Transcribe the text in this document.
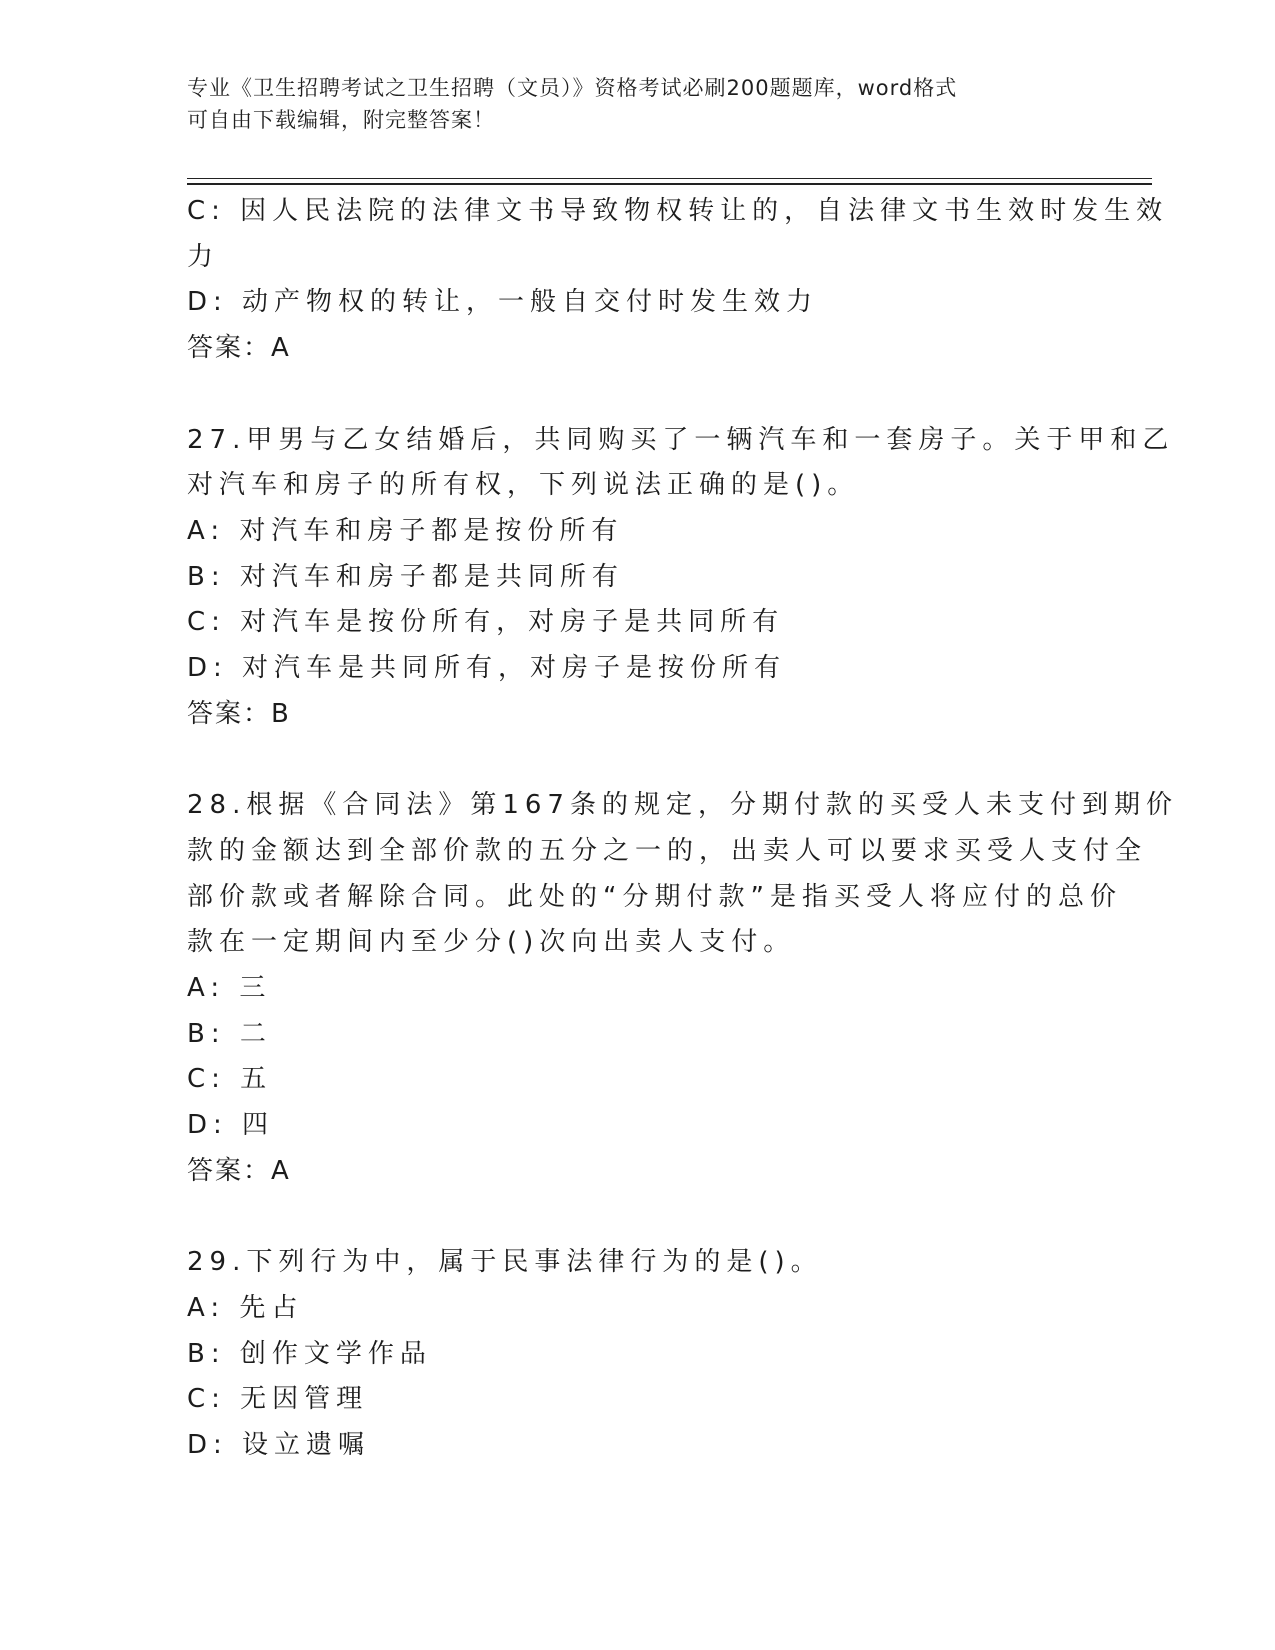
专业《卫生招聘考试之卫生招聘（文员）》资格考试必刷200题题库，word格式
可自由下载编辑，附完整答案！
C: 因人民法院的法律文书导致物权转让的，自法律文书生效时发生效
力
D: 动产物权的转让，一般自交付时发生效力
答案：A
27.甲男与乙女结婚后，共同购买了一辆汽车和一套房子。关于甲和乙
对汽车和房子的所有权，下列说法正确的是()。
A: 对汽车和房子都是按份所有
B: 对汽车和房子都是共同所有
C: 对汽车是按份所有，对房子是共同所有
D: 对汽车是共同所有，对房子是按份所有
答案：B
28.根据《合同法》第167条的规定，分期付款的买受人未支付到期价
款的金额达到全部价款的五分之一的，出卖人可以要求买受人支付全
部价款或者解除合同。此处的“分期付款”是指买受人将应付的总价
款在一定期间内至少分()次向出卖人支付。
A: 三
B: 二
C: 五
D: 四
答案：A
29.下列行为中，属于民事法律行为的是()。
A: 先占
B: 创作文学作品
C: 无因管理
D: 设立遗嘱
